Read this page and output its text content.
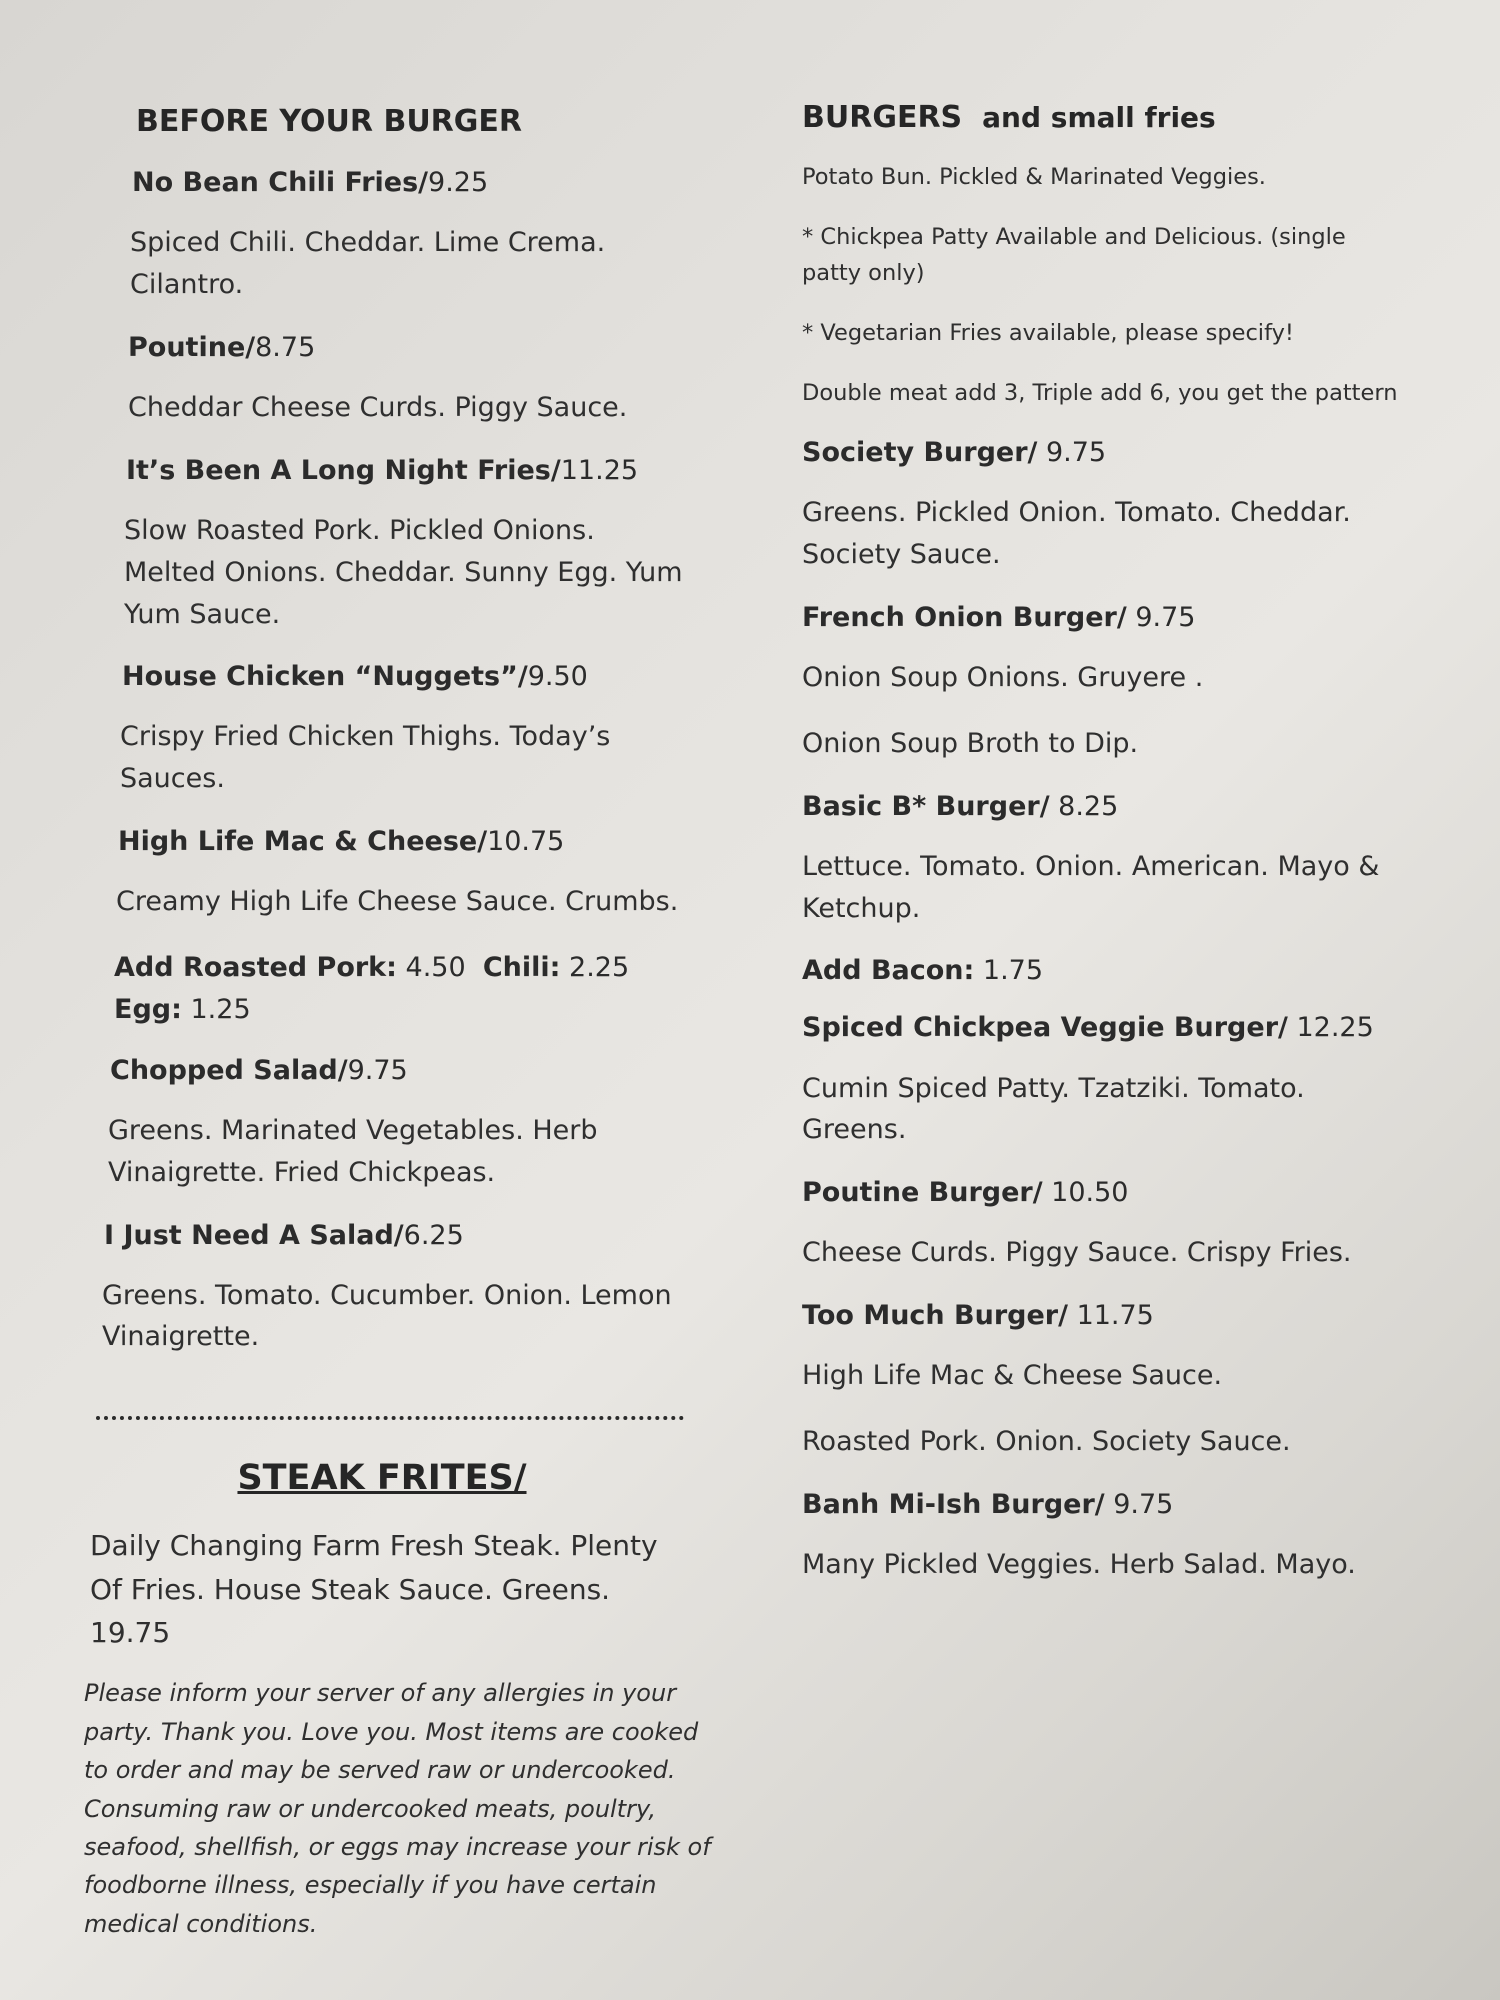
BEFORE YOUR BURGER
No Bean Chili Fries/9.25
Spiced Chili. Cheddar. Lime Crema. Cilantro.
Poutine/8.75
Cheddar Cheese Curds. Piggy Sauce.
It’s Been A Long Night Fries/11.25
Slow Roasted Pork. Pickled Onions. Melted Onions. Cheddar. Sunny Egg. Yum Yum Sauce.
House Chicken “Nuggets”/9.50
Crispy Fried Chicken Thighs. Today’s Sauces.
High Life Mac & Cheese/10.75
Creamy High Life Cheese Sauce. Crumbs.
Add Roasted Pork: 4.50 Chili: 2.25  Egg: 1.25
Chopped Salad/9.75
Greens. Marinated Vegetables. Herb Vinaigrette. Fried Chickpeas.
I Just Need A Salad/6.25
Greens. Tomato. Cucumber. Onion. Lemon Vinaigrette.
STEAK FRITES/
Daily Changing Farm Fresh Steak. Plenty Of Fries. House Steak Sauce. Greens. 19.75
Please inform your server of any allergies in your party. Thank you. Love you. Most items are cooked to order and may be served raw or undercooked. Consuming raw or undercooked meats, poultry, seafood, shellfish, or eggs may increase your risk of foodborne illness, especially if you have certain medical conditions.
BURGERS and small fries
Potato Bun. Pickled & Marinated Veggies.
* Chickpea Patty Available and Delicious. (single patty only)
* Vegetarian Fries available, please specify!
Double meat add 3, Triple add 6, you get the pattern
Society Burger/ 9.75
Greens. Pickled Onion. Tomato. Cheddar. Society Sauce.
French Onion Burger/ 9.75
Onion Soup Onions. Gruyere .
Onion Soup Broth to Dip.
Basic B* Burger/ 8.25
Lettuce. Tomato. Onion. American. Mayo & Ketchup.
Add Bacon: 1.75
Spiced Chickpea Veggie Burger/ 12.25
Cumin Spiced Patty. Tzatziki. Tomato. Greens.
Poutine Burger/ 10.50
Cheese Curds. Piggy Sauce. Crispy Fries.
Too Much Burger/ 11.75
High Life Mac & Cheese Sauce.
Roasted Pork. Onion. Society Sauce.
Banh Mi-Ish Burger/ 9.75
Many Pickled Veggies. Herb Salad. Mayo.
